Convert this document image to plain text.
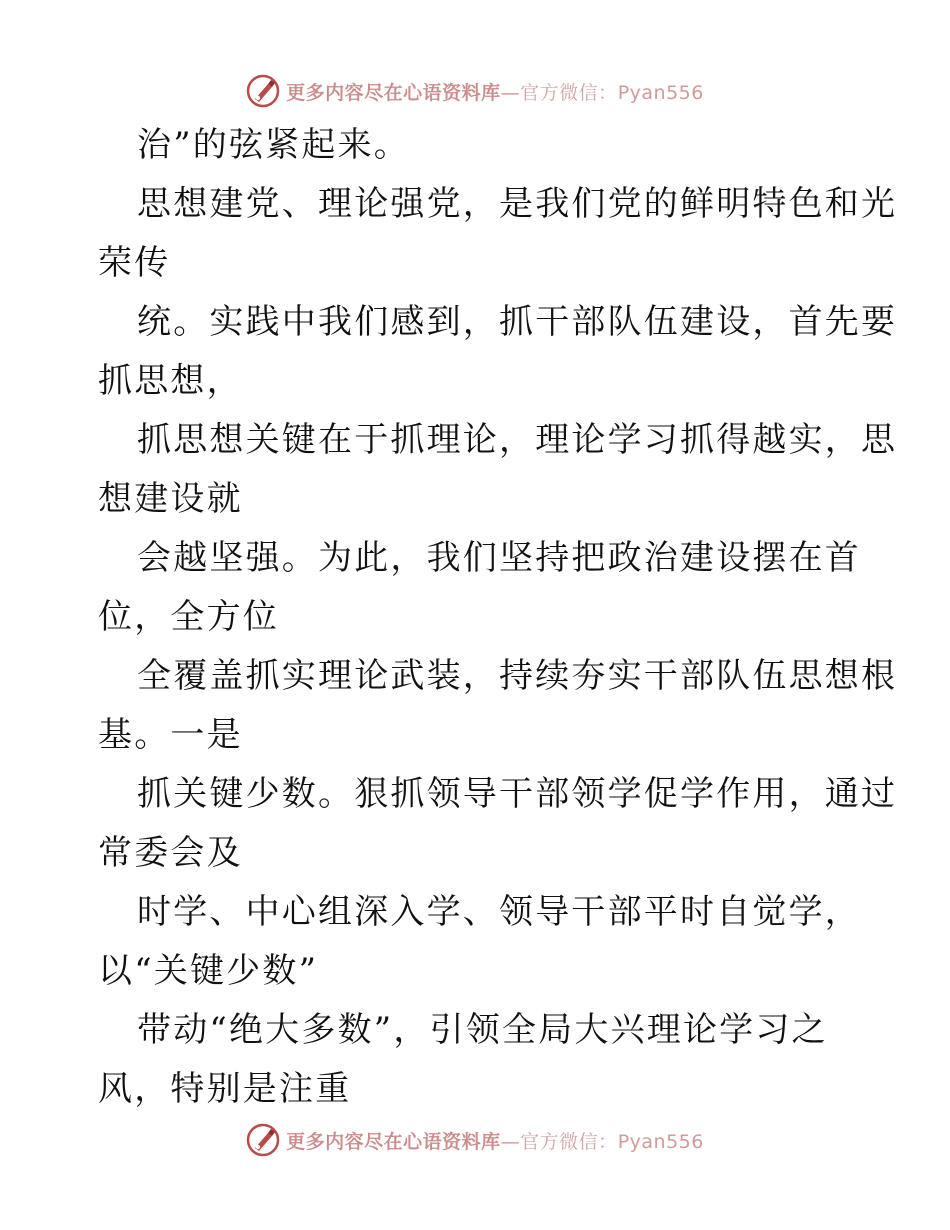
更多内容尽在心语资料库—官方微信：Pyan556
治”的弦紧起来。
思想建党、理论强党，是我们党的鲜明特色和光
荣传
统。实践中我们感到，抓干部队伍建设，首先要
抓思想，
抓思想关键在于抓理论，理论学习抓得越实，思
想建设就
会越坚强。为此，我们坚持把政治建设摆在首
位，全方位
全覆盖抓实理论武装，持续夯实干部队伍思想根
基。一是
抓关键少数。狠抓领导干部领学促学作用，通过
常委会及
时学、中心组深入学、领导干部平时自觉学，
以“关键少数”
带动“绝大多数”，引领全局大兴理论学习之
风，特别是注重
更多内容尽在心语资料库—官方微信：Pyan556
